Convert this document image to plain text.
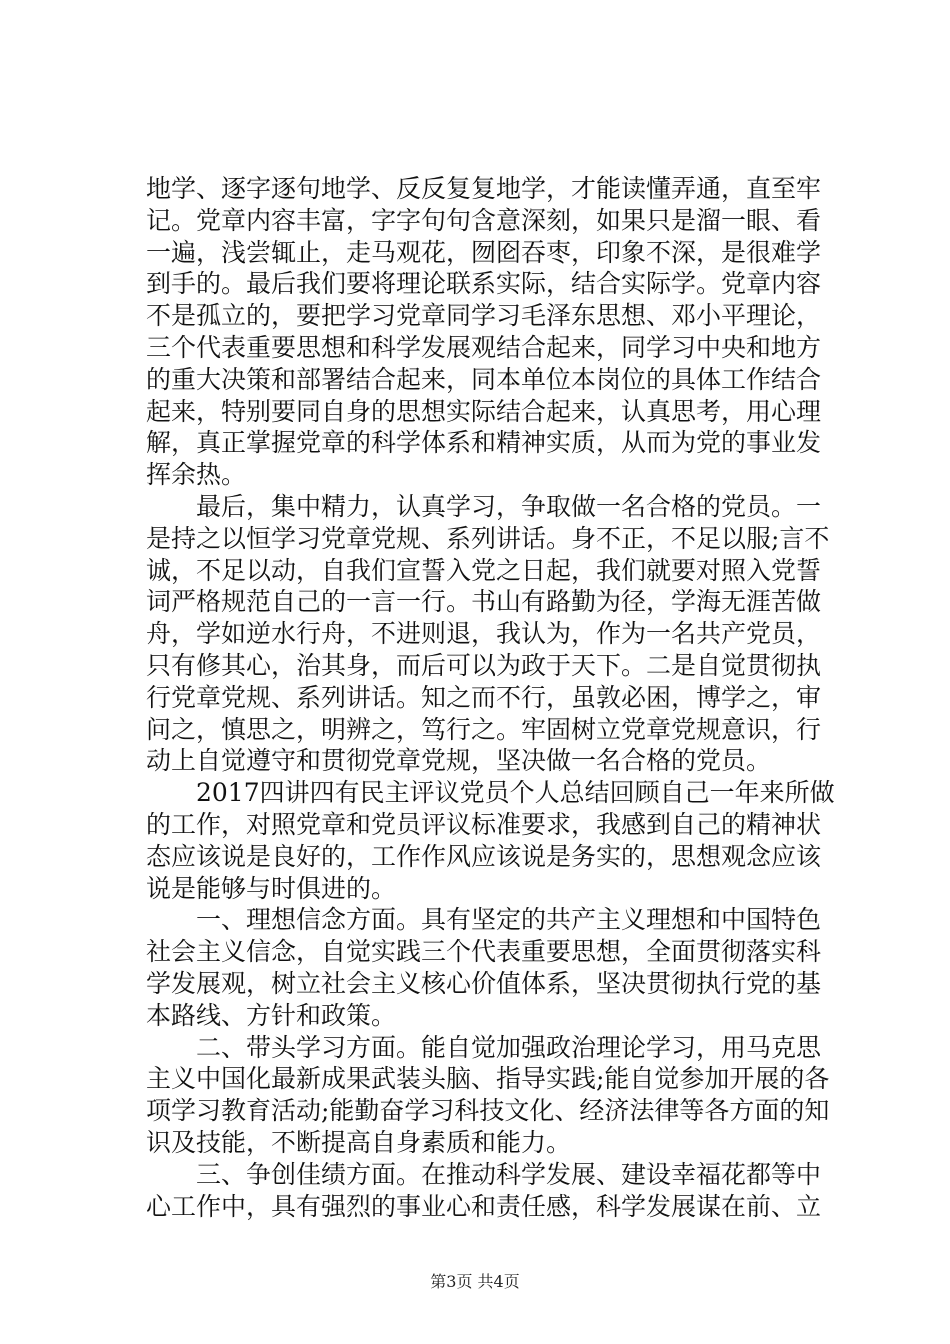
地学、逐字逐句地学、反反复复地学，才能读懂弄通，直至牢
记。党章内容丰富，字字句句含意深刻，如果只是溜一眼、看
一遍，浅尝辄止，走马观花，囫囵吞枣，印象不深，是很难学
到手的。最后我们要将理论联系实际，结合实际学。党章内容
不是孤立的，要把学习党章同学习毛泽东思想、邓小平理论，
三个代表重要思想和科学发展观结合起来，同学习中央和地方
的重大决策和部署结合起来，同本单位本岗位的具体工作结合
起来，特别要同自身的思想实际结合起来，认真思考，用心理
解，真正掌握党章的科学体系和精神实质，从而为党的事业发
挥余热。
　　最后，集中精力，认真学习，争取做一名合格的党员。一
是持之以恒学习党章党规、系列讲话。身不正，不足以服;言不
诚，不足以动，自我们宣誓入党之日起，我们就要对照入党誓
词严格规范自己的一言一行。书山有路勤为径，学海无涯苦做
舟，学如逆水行舟，不进则退，我认为，作为一名共产党员，
只有修其心，治其身，而后可以为政于天下。二是自觉贯彻执
行党章党规、系列讲话。知之而不行，虽敦必困，博学之，审
问之，慎思之，明辨之，笃行之。牢固树立党章党规意识，行
动上自觉遵守和贯彻党章党规，坚决做一名合格的党员。
　　2017四讲四有民主评议党员个人总结回顾自己一年来所做
的工作，对照党章和党员评议标准要求，我感到自己的精神状
态应该说是良好的，工作作风应该说是务实的，思想观念应该
说是能够与时俱进的。
　　一、理想信念方面。具有坚定的共产主义理想和中国特色
社会主义信念，自觉实践三个代表重要思想，全面贯彻落实科
学发展观，树立社会主义核心价值体系，坚决贯彻执行党的基
本路线、方针和政策。
　　二、带头学习方面。能自觉加强政治理论学习，用马克思
主义中国化最新成果武装头脑、指导实践;能自觉参加开展的各
项学习教育活动;能勤奋学习科技文化、经济法律等各方面的知
识及技能，不断提高自身素质和能力。
　　三、争创佳绩方面。在推动科学发展、建设幸福花都等中
心工作中，具有强烈的事业心和责任感，科学发展谋在前、立
第3页 共4页
